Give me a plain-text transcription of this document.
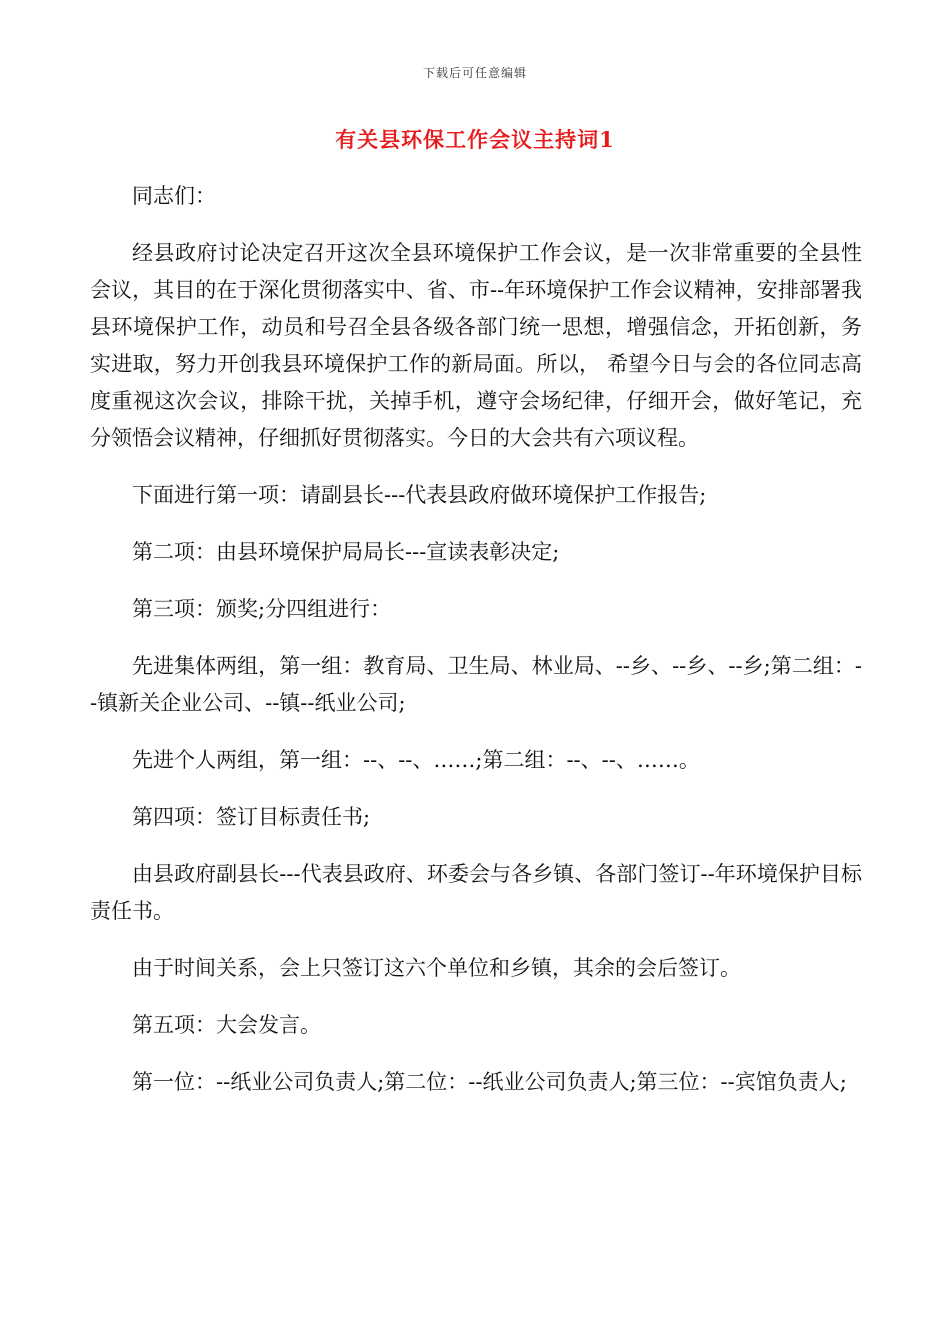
下载后可任意编辑
有关县环保工作会议主持词1

同志们：

经县政府讨论决定召开这次全县环境保护工作会议，是一次非常重要的全县性会议，其目的在于深化贯彻落实中、省、市--年环境保护工作会议精神，安排部署我县环境保护工作，动员和号召全县各级各部门统一思想，增强信念，开拓创新，务实进取，努力开创我县环境保护工作的新局面。所以， 希望今日与会的各位同志高度重视这次会议，排除干扰，关掉手机，遵守会场纪律，仔细开会，做好笔记，充分领悟会议精神，仔细抓好贯彻落实。今日的大会共有六项议程。

下面进行第一项：请副县长---代表县政府做环境保护工作报告;

第二项：由县环境保护局局长---宣读表彰决定;

第三项：颁奖;分四组进行：

先进集体两组，第一组：教育局、卫生局、林业局、--乡、--乡、--乡;第二组：--镇新关企业公司、--镇--纸业公司;

先进个人两组，第一组：--、--、……;第二组：--、--、……。

第四项：签订目标责任书;

由县政府副县长---代表县政府、环委会与各乡镇、各部门签订--年环境保护目标责任书。

由于时间关系，会上只签订这六个单位和乡镇，其余的会后签订。

第五项：大会发言。

第一位：--纸业公司负责人;第二位：--纸业公司负责人;第三位：--宾馆负责人;
